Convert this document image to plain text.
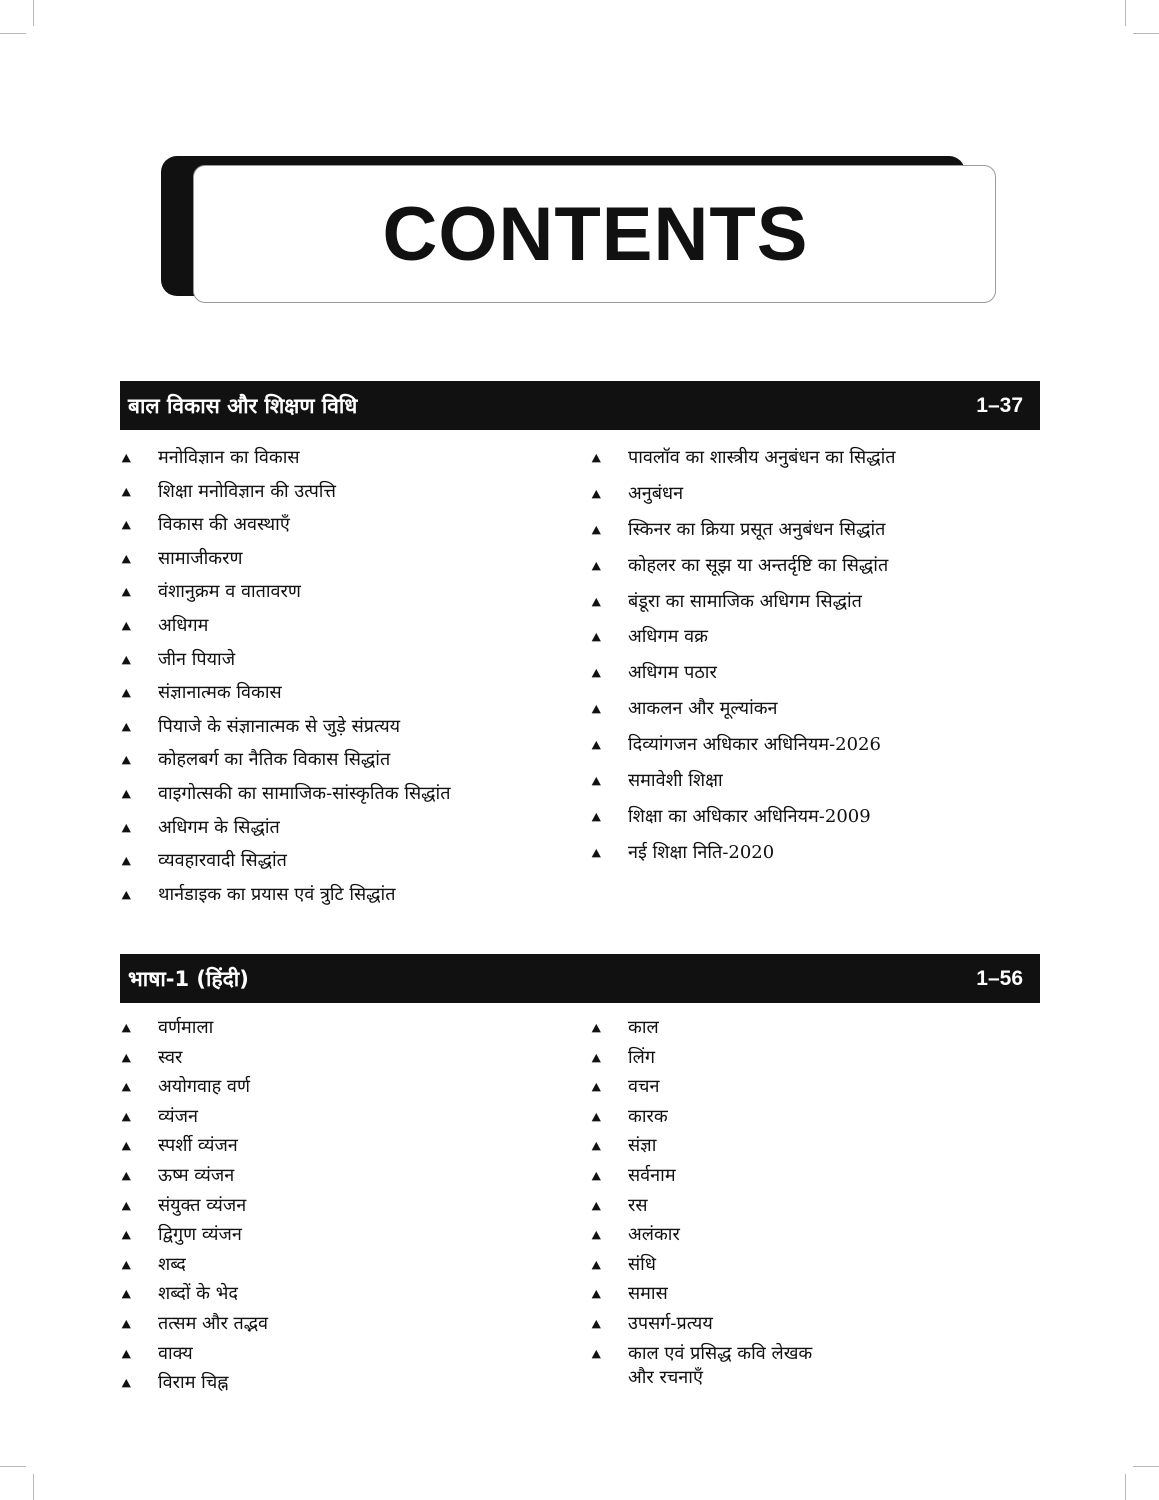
CONTENTS
बाल विकास और शिक्षण विधि	1–37
▲ मनोविज्ञान का विकास
▲ शिक्षा मनोविज्ञान की उत्पत्ति
▲ विकास की अवस्थाएँ
▲ सामाजीकरण
▲ वंशानुक्रम व वातावरण
▲ अधिगम
▲ जीन पियाजे
▲ संज्ञानात्मक विकास
▲ पियाजे के संज्ञानात्मक से जुड़े संप्रत्यय
▲ कोहलबर्ग का नैतिक विकास सिद्धांत
▲ वाइगोत्सकी का सामाजिक-सांस्कृतिक सिद्धांत
▲ अधिगम के सिद्धांत
▲ व्यवहारवादी सिद्धांत
▲ थार्नडाइक का प्रयास एवं त्रुटि सिद्धांत
▲ पावलॉव का शास्त्रीय अनुबंधन का सिद्धांत
▲ अनुबंधन
▲ स्किनर का क्रिया प्रसूत अनुबंधन सिद्धांत
▲ कोहलर का सूझ या अन्तर्दृष्टि का सिद्धांत
▲ बंडूरा का सामाजिक अधिगम सिद्धांत
▲ अधिगम वक्र
▲ अधिगम पठार
▲ आकलन और मूल्यांकन
▲ दिव्यांगजन अधिकार अधिनियम-2026
▲ समावेशी शिक्षा
▲ शिक्षा का अधिकार अधिनियम-2009
▲ नई शिक्षा निति-2020
भाषा-1 (हिंदी)	1–56
▲ वर्णमाला
▲ स्वर
▲ अयोगवाह वर्ण
▲ व्यंजन
▲ स्पर्शी व्यंजन
▲ ऊष्म व्यंजन
▲ संयुक्त व्यंजन
▲ द्विगुण व्यंजन
▲ शब्द
▲ शब्दों के भेद
▲ तत्सम और तद्भव
▲ वाक्य
▲ विराम चिह्न
▲ काल
▲ लिंग
▲ वचन
▲ कारक
▲ संज्ञा
▲ सर्वनाम
▲ रस
▲ अलंकार
▲ संधि
▲ समास
▲ उपसर्ग-प्रत्यय
▲ काल एवं प्रसिद्ध कवि लेखक और रचनाएँ
